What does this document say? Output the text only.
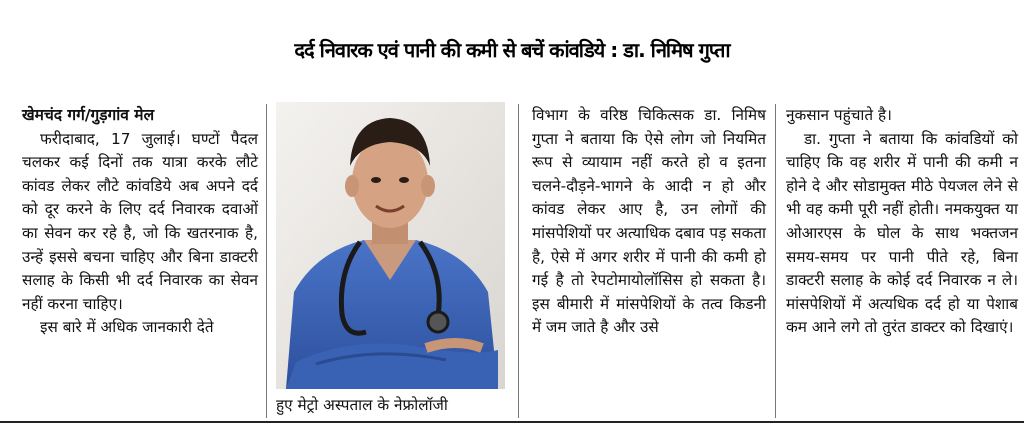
दर्द निवारक एवं पानी की कमी से बचें कांवडिये : डा. निमिष गुप्ता

खेमचंद गर्ग/गुड़गांव मेल

फरीदाबाद, 17 जुलाई। घण्टों पैदल चलकर कई दिनों तक यात्रा करके लौटे कांवड लेकर लौटे कांवडिये अब अपने दर्द को दूर करने के लिए दर्द निवारक दवाओं का सेवन कर रहे है, जो कि खतरनाक है, उन्हें इससे बचना चाहिए और बिना डाक्टरी सलाह के किसी भी दर्द निवारक का सेवन नहीं करना चाहिए।

इस बारे में अधिक जानकारी देते

हुए मेट्रो अस्पताल के नेफ्रोलॉजी

विभाग के वरिष्ठ चिकित्सक डा. निमिष गुप्ता ने बताया कि ऐसे लोग जो नियमित रूप से व्यायाम नहीं करते हो व इतना चलने-दौड़ने-भागने के आदी न हो और कांवड लेकर आए है, उन लोगों की मांसपेशियों पर अत्याधिक दबाव पड़ सकता है, ऐसे में अगर शरीर में पानी की कमी हो गई है तो रेपटोमायोलॉसिस हो सकता है। इस बीमारी में मांसपेशियों के तत्व किडनी में जम जाते है और उसे

नुकसान पहुंचाते है।

डा. गुप्ता ने बताया कि कांवडियों को चाहिए कि वह शरीर में पानी की कमी न होने दे और सोडामुक्त मीठे पेयजल लेने से भी वह कमी पूरी नहीं होती। नमकयुक्त या ओआरएस के घोल के साथ भक्तजन समय-समय पर पानी पीते रहे, बिना डाक्टरी सलाह के कोई दर्द निवारक न ले। मांसपेशियों में अत्यधिक दर्द हो या पेशाब कम आने लगे तो तुरंत डाक्टर को दिखाएं।
